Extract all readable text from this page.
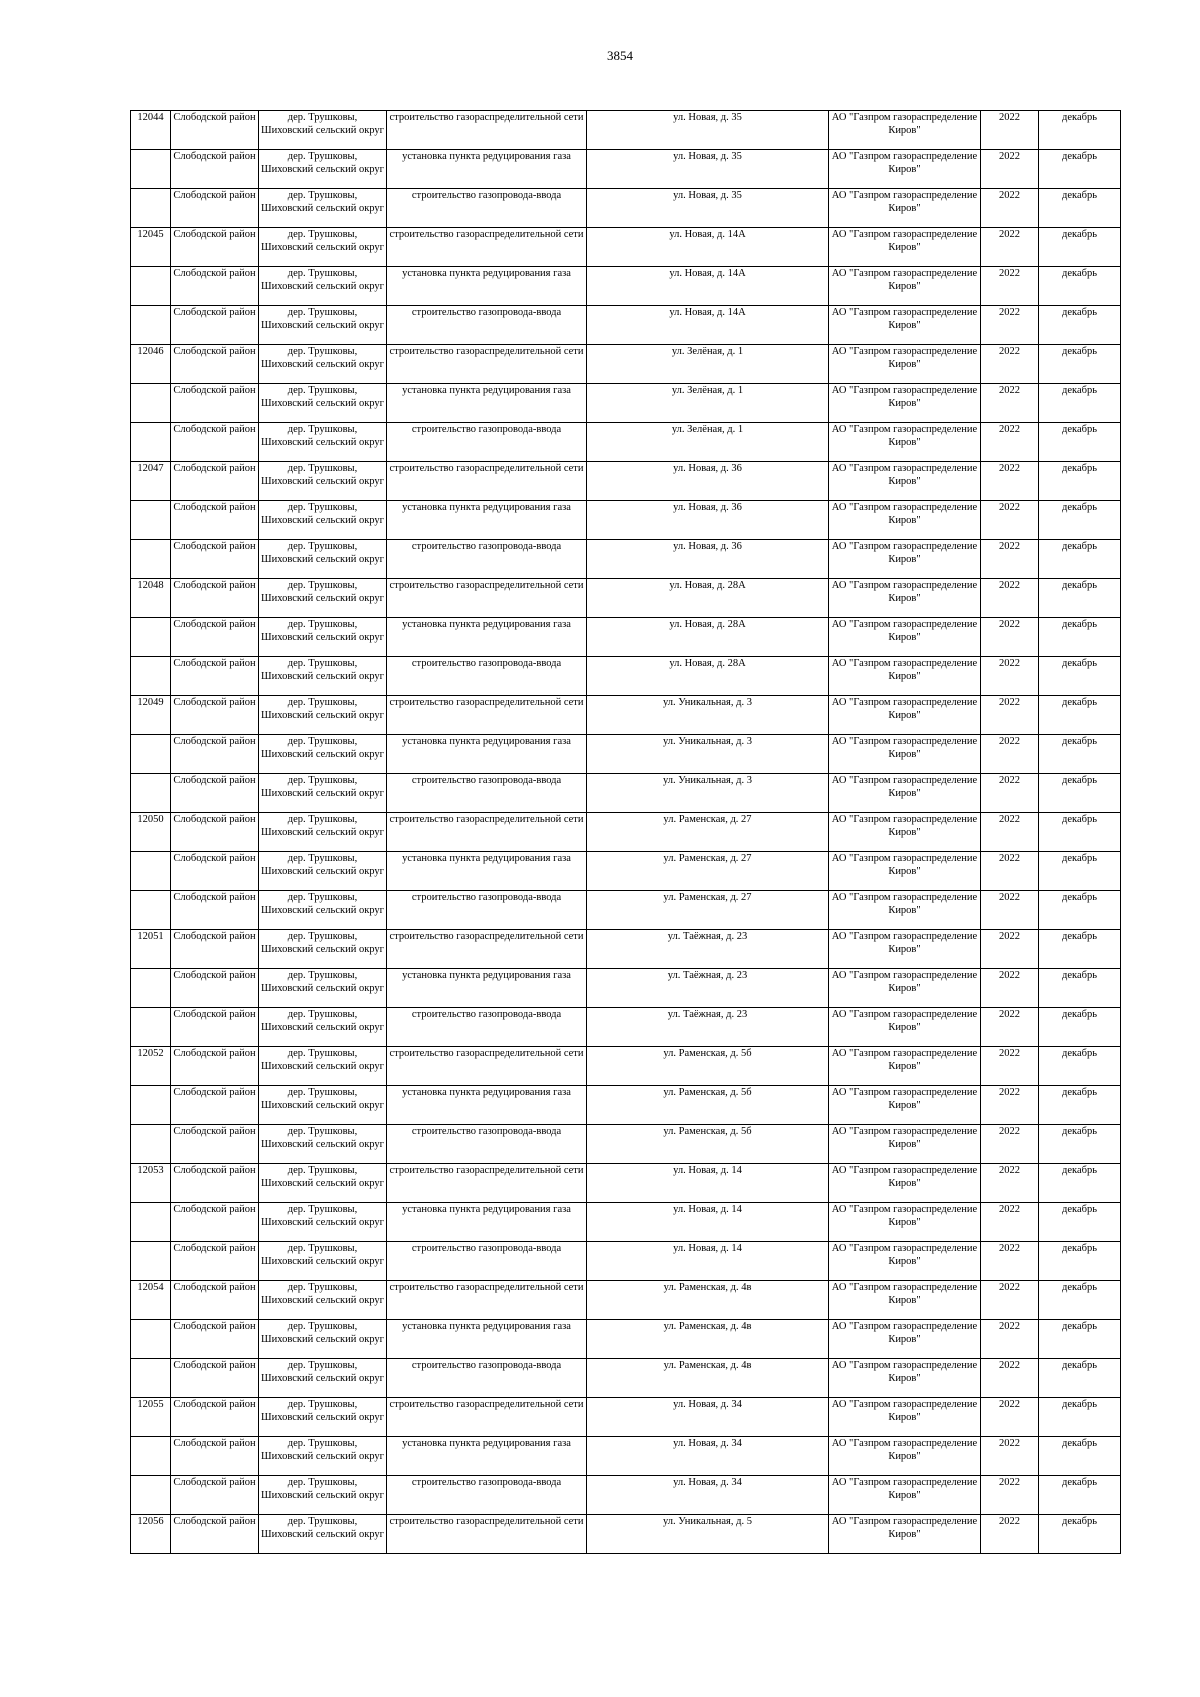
3854
12044	Слободской район	дер. Трушковы, Шиховский сельский округ	строительство газораспределительной сети	ул. Новая, д. 35	АО "Газпром газораспределение Киров"	2022	декабрь

	Слободской район	дер. Трушковы, Шиховский сельский округ	установка пункта редуцирования газа	ул. Новая, д. 35	АО "Газпром газораспределение Киров"	2022	декабрь

	Слободской район	дер. Трушковы, Шиховский сельский округ	строительство газопровода-ввода	ул. Новая, д. 35	АО "Газпром газораспределение Киров"	2022	декабрь

12045	Слободской район	дер. Трушковы, Шиховский сельский округ	строительство газораспределительной сети	ул. Новая, д. 14А	АО "Газпром газораспределение Киров"	2022	декабрь

	Слободской район	дер. Трушковы, Шиховский сельский округ	установка пункта редуцирования газа	ул. Новая, д. 14А	АО "Газпром газораспределение Киров"	2022	декабрь

	Слободской район	дер. Трушковы, Шиховский сельский округ	строительство газопровода-ввода	ул. Новая, д. 14А	АО "Газпром газораспределение Киров"	2022	декабрь

12046	Слободской район	дер. Трушковы, Шиховский сельский округ	строительство газораспределительной сети	ул. Зелёная, д. 1	АО "Газпром газораспределение Киров"	2022	декабрь

	Слободской район	дер. Трушковы, Шиховский сельский округ	установка пункта редуцирования газа	ул. Зелёная, д. 1	АО "Газпром газораспределение Киров"	2022	декабрь

	Слободской район	дер. Трушковы, Шиховский сельский округ	строительство газопровода-ввода	ул. Зелёная, д. 1	АО "Газпром газораспределение Киров"	2022	декабрь

12047	Слободской район	дер. Трушковы, Шиховский сельский округ	строительство газораспределительной сети	ул. Новая, д. 36	АО "Газпром газораспределение Киров"	2022	декабрь

	Слободской район	дер. Трушковы, Шиховский сельский округ	установка пункта редуцирования газа	ул. Новая, д. 36	АО "Газпром газораспределение Киров"	2022	декабрь

	Слободской район	дер. Трушковы, Шиховский сельский округ	строительство газопровода-ввода	ул. Новая, д. 36	АО "Газпром газораспределение Киров"	2022	декабрь

12048	Слободской район	дер. Трушковы, Шиховский сельский округ	строительство газораспределительной сети	ул. Новая, д. 28А	АО "Газпром газораспределение Киров"	2022	декабрь

	Слободской район	дер. Трушковы, Шиховский сельский округ	установка пункта редуцирования газа	ул. Новая, д. 28А	АО "Газпром газораспределение Киров"	2022	декабрь

	Слободской район	дер. Трушковы, Шиховский сельский округ	строительство газопровода-ввода	ул. Новая, д. 28А	АО "Газпром газораспределение Киров"	2022	декабрь

12049	Слободской район	дер. Трушковы, Шиховский сельский округ	строительство газораспределительной сети	ул. Уникальная, д. 3	АО "Газпром газораспределение Киров"	2022	декабрь

	Слободской район	дер. Трушковы, Шиховский сельский округ	установка пункта редуцирования газа	ул. Уникальная, д. 3	АО "Газпром газораспределение Киров"	2022	декабрь

	Слободской район	дер. Трушковы, Шиховский сельский округ	строительство газопровода-ввода	ул. Уникальная, д. 3	АО "Газпром газораспределение Киров"	2022	декабрь

12050	Слободской район	дер. Трушковы, Шиховский сельский округ	строительство газораспределительной сети	ул. Раменская, д. 27	АО "Газпром газораспределение Киров"	2022	декабрь

	Слободской район	дер. Трушковы, Шиховский сельский округ	установка пункта редуцирования газа	ул. Раменская, д. 27	АО "Газпром газораспределение Киров"	2022	декабрь

	Слободской район	дер. Трушковы, Шиховский сельский округ	строительство газопровода-ввода	ул. Раменская, д. 27	АО "Газпром газораспределение Киров"	2022	декабрь

12051	Слободской район	дер. Трушковы, Шиховский сельский округ	строительство газораспределительной сети	ул. Таёжная, д. 23	АО "Газпром газораспределение Киров"	2022	декабрь

	Слободской район	дер. Трушковы, Шиховский сельский округ	установка пункта редуцирования газа	ул. Таёжная, д. 23	АО "Газпром газораспределение Киров"	2022	декабрь

	Слободской район	дер. Трушковы, Шиховский сельский округ	строительство газопровода-ввода	ул. Таёжная, д. 23	АО "Газпром газораспределение Киров"	2022	декабрь

12052	Слободской район	дер. Трушковы, Шиховский сельский округ	строительство газораспределительной сети	ул. Раменская, д. 5б	АО "Газпром газораспределение Киров"	2022	декабрь

	Слободской район	дер. Трушковы, Шиховский сельский округ	установка пункта редуцирования газа	ул. Раменская, д. 5б	АО "Газпром газораспределение Киров"	2022	декабрь

	Слободской район	дер. Трушковы, Шиховский сельский округ	строительство газопровода-ввода	ул. Раменская, д. 5б	АО "Газпром газораспределение Киров"	2022	декабрь

12053	Слободской район	дер. Трушковы, Шиховский сельский округ	строительство газораспределительной сети	ул. Новая, д. 14	АО "Газпром газораспределение Киров"	2022	декабрь

	Слободской район	дер. Трушковы, Шиховский сельский округ	установка пункта редуцирования газа	ул. Новая, д. 14	АО "Газпром газораспределение Киров"	2022	декабрь

	Слободской район	дер. Трушковы, Шиховский сельский округ	строительство газопровода-ввода	ул. Новая, д. 14	АО "Газпром газораспределение Киров"	2022	декабрь

12054	Слободской район	дер. Трушковы, Шиховский сельский округ	строительство газораспределительной сети	ул. Раменская, д. 4в	АО "Газпром газораспределение Киров"	2022	декабрь

	Слободской район	дер. Трушковы, Шиховский сельский округ	установка пункта редуцирования газа	ул. Раменская, д. 4в	АО "Газпром газораспределение Киров"	2022	декабрь

	Слободской район	дер. Трушковы, Шиховский сельский округ	строительство газопровода-ввода	ул. Раменская, д. 4в	АО "Газпром газораспределение Киров"	2022	декабрь

12055	Слободской район	дер. Трушковы, Шиховский сельский округ	строительство газораспределительной сети	ул. Новая, д. 34	АО "Газпром газораспределение Киров"	2022	декабрь

	Слободской район	дер. Трушковы, Шиховский сельский округ	установка пункта редуцирования газа	ул. Новая, д. 34	АО "Газпром газораспределение Киров"	2022	декабрь

	Слободской район	дер. Трушковы, Шиховский сельский округ	строительство газопровода-ввода	ул. Новая, д. 34	АО "Газпром газораспределение Киров"	2022	декабрь

12056	Слободской район	дер. Трушковы, Шиховский сельский округ	строительство газораспределительной сети	ул. Уникальная, д. 5	АО "Газпром газораспределение Киров"	2022	декабрь
